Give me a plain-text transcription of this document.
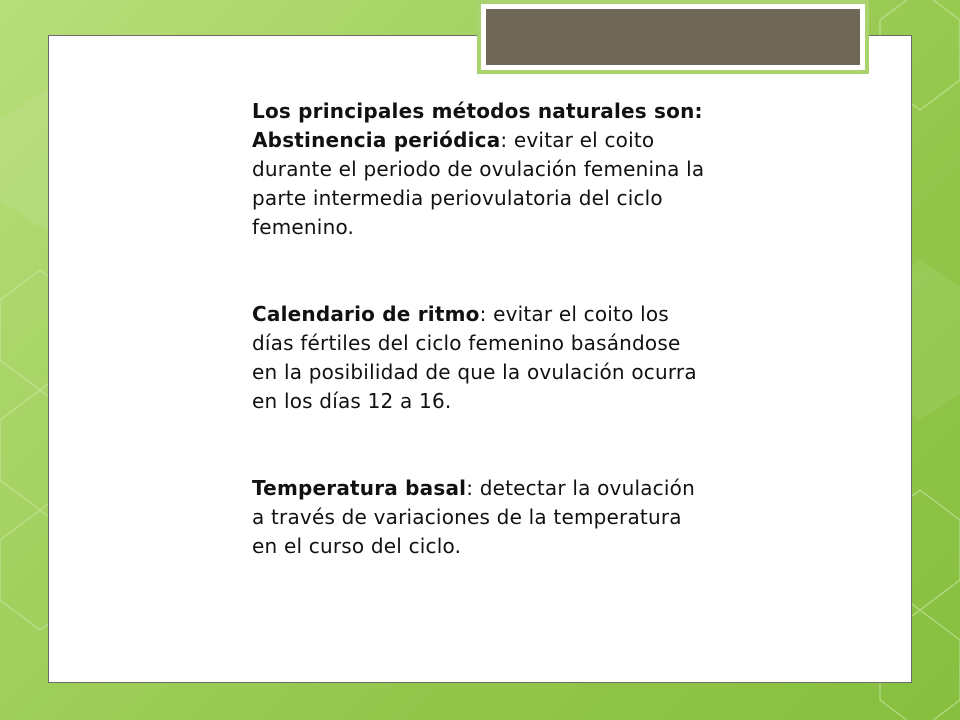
Los principales métodos naturales son:
Abstinencia periódica: evitar el coito durante el periodo de ovulación femenina la parte intermedia periovulatoria del ciclo femenino.

Calendario de ritmo: evitar el coito los días fértiles del ciclo femenino basándose en la posibilidad de que la ovulación ocurra en los días 12 a 16.

Temperatura basal: detectar la ovulación a través de variaciones de la temperatura en el curso del ciclo.
